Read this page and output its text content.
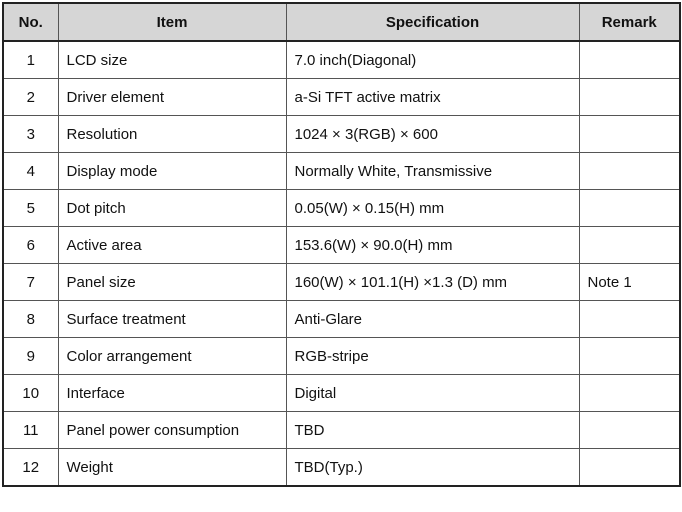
No.	Item	Specification	Remark
1	LCD size	7.0 inch(Diagonal)	
2	Driver element	a-Si TFT active matrix	
3	Resolution	1024 × 3(RGB) × 600	
4	Display mode	Normally White, Transmissive	
5	Dot pitch	0.05(W) × 0.15(H) mm	
6	Active area	153.6(W) × 90.0(H) mm	
7	Panel size	160(W) × 101.1(H) ×1.3 (D) mm	Note 1
8	Surface treatment	Anti-Glare	
9	Color arrangement	RGB-stripe	
10	Interface	Digital	
11	Panel power consumption	TBD	
12	Weight	TBD(Typ.)	
